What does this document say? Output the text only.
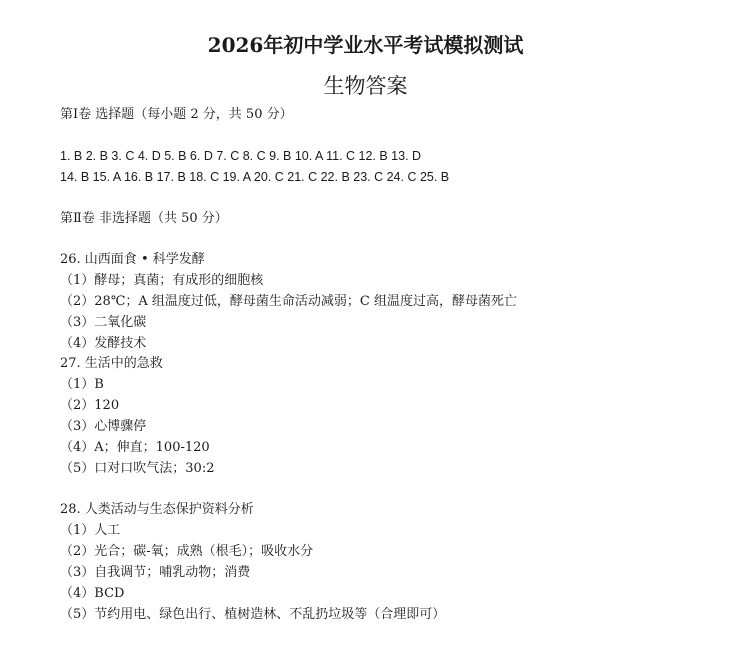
2026年初中学业水平考试模拟测试
生物答案
第Ⅰ卷 选择题（每小题 2 分，共 50 分）
1. B 2. B 3. C 4. D 5. B 6. D 7. C 8. C 9. B 10. A 11. C 12. B 13. D
14. B 15. A 16. B 17. B 18. C 19. A 20. C 21. C 22. B 23. C 24. C 25. B
第Ⅱ卷 非选择题（共 50 分）
26. 山西面食 • 科学发酵
（1）酵母；真菌；有成形的细胞核
（2）28℃；A 组温度过低，酵母菌生命活动减弱；C 组温度过高，酵母菌死亡
（3）二氧化碳
（4）发酵技术
27. 生活中的急救
（1）B
（2）120
（3）心博骤停
（4）A；伸直；100-120
（5）口对口吹气法；30:2
28. 人类活动与生态保护资料分析
（1）人工
（2）光合；碳-氧；成熟（根毛）；吸收水分
（3）自我调节；哺乳动物；消费
（4）BCD
（5）节约用电、绿色出行、植树造林、不乱扔垃圾等（合理即可）
